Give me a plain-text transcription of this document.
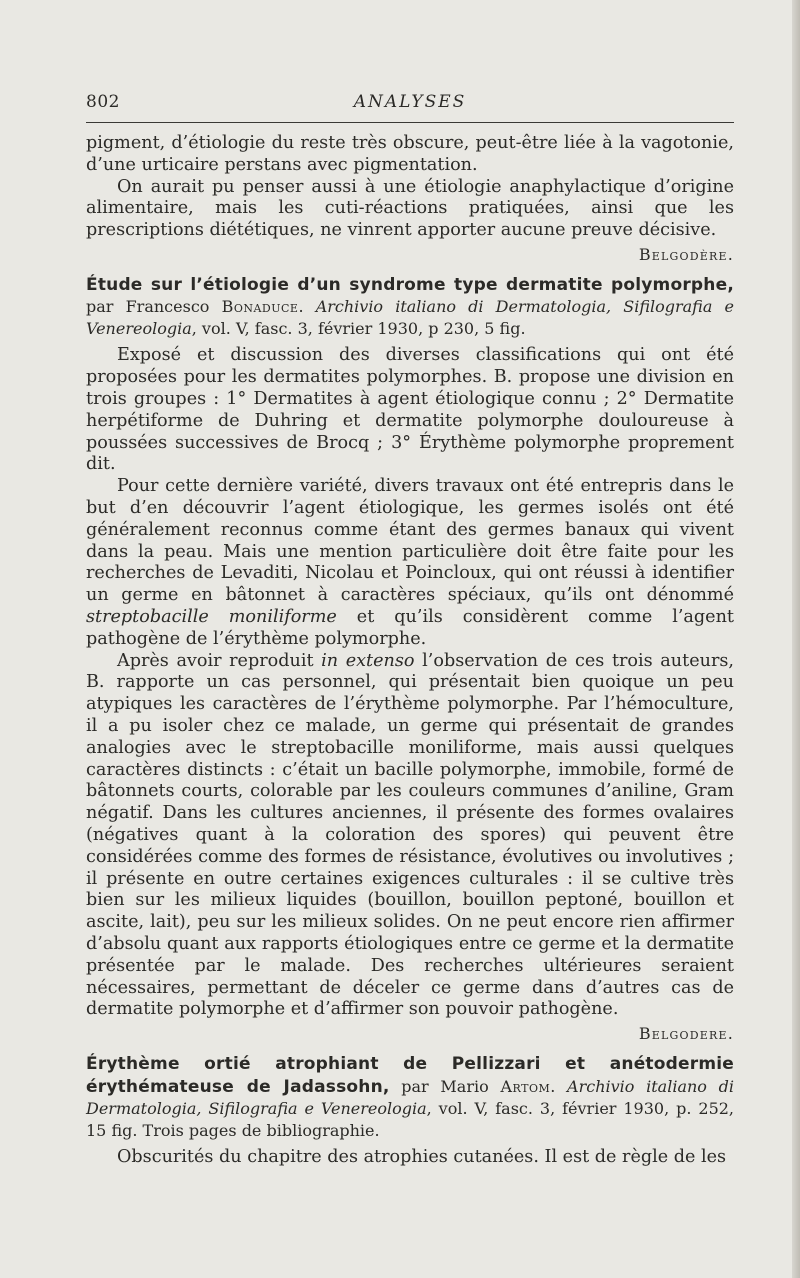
802	ANALYSES

pigment, d’étiologie du reste très obscure, peut-être liée à la vagotonie, d’une urticaire perstans avec pigmentation.

On aurait pu penser aussi à une étiologie anaphylactique d’origine alimentaire, mais les cuti-réactions pratiquées, ainsi que les prescriptions diététiques, ne vinrent apporter aucune preuve décisive.

Belgodère.
Étude sur l’étiologie d’un syndrome type dermatite polymorphe, par Francesco Bonaduce. Archivio italiano di Dermatologia, Sifilografia e Venereologia, vol. V, fasc. 3, février 1930, p 230, 5 fig.

Exposé et discussion des diverses classifications qui ont été proposées pour les dermatites polymorphes. B. propose une division en trois groupes : 1° Dermatites à agent étiologique connu ; 2° Dermatite herpétiforme de Duhring et dermatite polymorphe douloureuse à poussées successives de Brocq ; 3° Érythème polymorphe proprement dit.

Pour cette dernière variété, divers travaux ont été entrepris dans le but d’en découvrir l’agent étiologique, les germes isolés ont été généralement reconnus comme étant des germes banaux qui vivent dans la peau. Mais une mention particulière doit être faite pour les recherches de Levaditi, Nicolau et Poincloux, qui ont réussi à identifier un germe en bâtonnet à caractères spéciaux, qu’ils ont dénommé streptobacille moniliforme et qu’ils considèrent comme l’agent pathogène de l’érythème polymorphe.

Après avoir reproduit in extenso l’observation de ces trois auteurs, B. rapporte un cas personnel, qui présentait bien quoique un peu atypiques les caractères de l’érythème polymorphe. Par l’hémoculture, il a pu isoler chez ce malade, un germe qui présentait de grandes analogies avec le streptobacille moniliforme, mais aussi quelques caractères distincts : c’était un bacille polymorphe, immobile, formé de bâtonnets courts, colorable par les couleurs communes d’aniline, Gram négatif. Dans les cultures anciennes, il présente des formes ovalaires (négatives quant à la coloration des spores) qui peuvent être considérées comme des formes de résistance, évolutives ou involutives ; il présente en outre certaines exigences culturales : il se cultive très bien sur les milieux liquides (bouillon, bouillon peptoné, bouillon et ascite, lait), peu sur les milieux solides. On ne peut encore rien affirmer d’absolu quant aux rapports étiologiques entre ce germe et la dermatite présentée par le malade. Des recherches ultérieures seraient nécessaires, permettant de déceler ce germe dans d’autres cas de dermatite polymorphe et d’affirmer son pouvoir pathogène.

Belgodere.
Érythème ortié atrophiant de Pellizzari et anétodermie érythémateuse de Jadassohn, par Mario Artom. Archivio italiano di Dermatologia, Sifilografia e Venereologia, vol. V, fasc. 3, février 1930, p. 252, 15 fig. Trois pages de bibliographie.

Obscurités du chapitre des atrophies cutanées. Il est de règle de les
